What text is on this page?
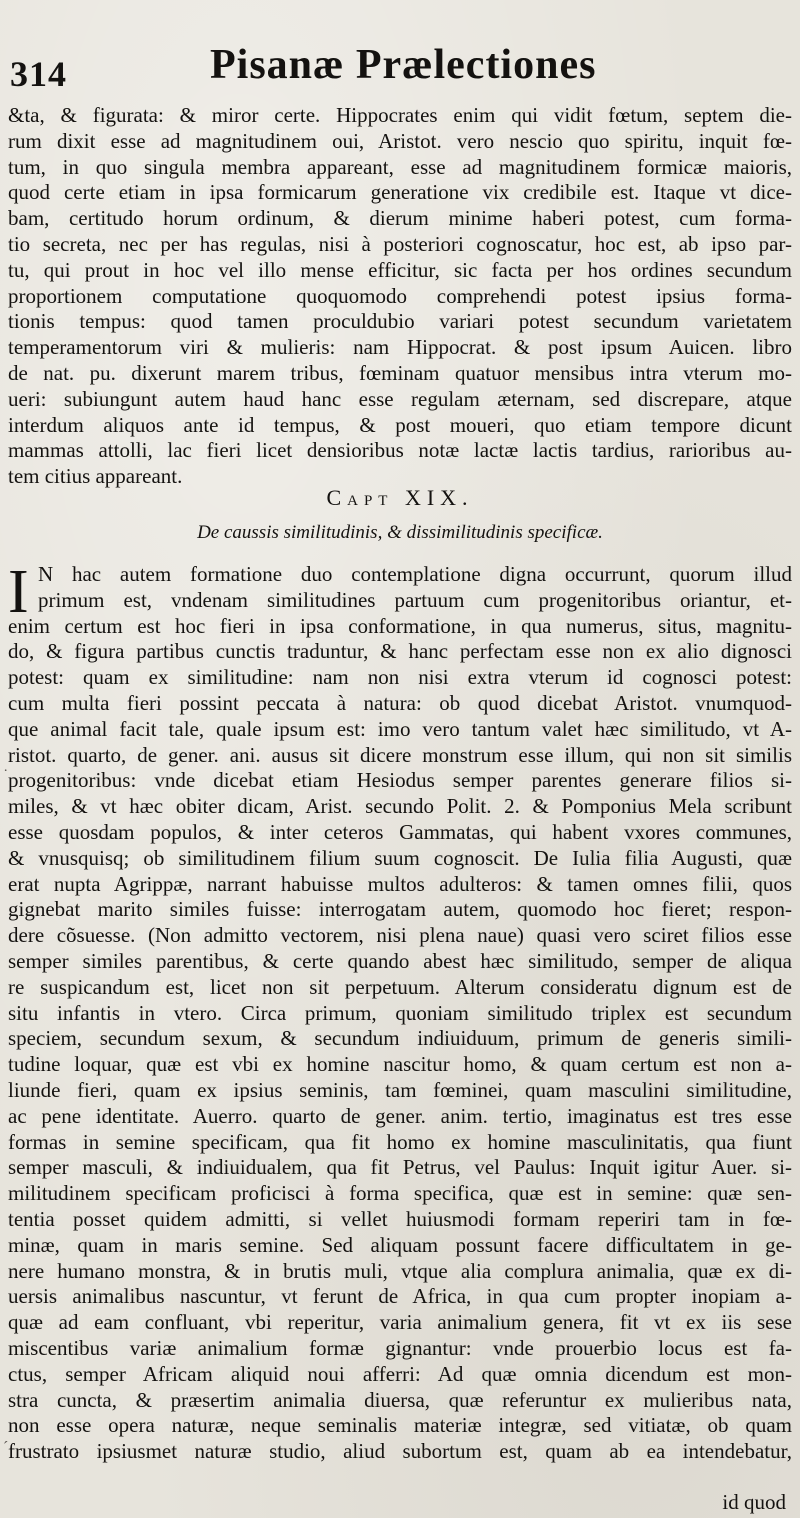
314	Pisanæ Prælectiones
&ta, & figurata: & miror certe. Hippocrates enim qui vidit fœtum, septem die-
rum dixit esse ad magnitudinem oui, Aristot. vero nescio quo spiritu, inquit fœ-
tum, in quo singula membra appareant, esse ad magnitudinem formicæ maioris,
quod certe etiam in ipsa formicarum generatione vix credibile est. Itaque vt dice-
bam, certitudo horum ordinum, & dierum minime haberi potest, cum forma-
tio secreta, nec per has regulas, nisi à posteriori cognoscatur, hoc est, ab ipso par-
tu, qui prout in hoc vel illo mense efficitur, sic facta per hos ordines secundum
proportionem computatione quoquomodo comprehendi potest ipsius forma-
tionis tempus: quod tamen proculdubio variari potest secundum varietatem
temperamentorum viri & mulieris: nam Hippocrat. & post ipsum Auicen. libro
de nat. pu. dixerunt marem tribus, fœminam quatuor mensibus intra vterum mo-
ueri: subiungunt autem haud hanc esse regulam æternam, sed discrepare, atque
interdum aliquos ante id tempus, & post moueri, quo etiam tempore dicunt
mammas attolli, lac fieri licet densioribus notæ lactæ lactis tardius, rarioribus au-
tem citius appareant.
Capt XIX.
De caussis similitudinis, & dissimilitudinis specificæ.
I N hac autem formatione duo contemplatione digna occurrunt, quorum illud
primum est, vndenam similitudines partuum cum progenitoribus oriantur, et-
enim certum est hoc fieri in ipsa conformatione, in qua numerus, situs, magnitu-
do, & figura partibus cunctis traduntur, & hanc perfectam esse non ex alio dignosci
potest: quam ex similitudine: nam non nisi extra vterum id cognosci potest:
cum multa fieri possint peccata à natura: ob quod dicebat Aristot. vnumquod-
que animal facit tale, quale ipsum est: imo vero tantum valet hæc similitudo, vt A-
ristot. quarto, de gener. ani. ausus sit dicere monstrum esse illum, qui non sit similis
progenitoribus: vnde dicebat etiam Hesiodus semper parentes generare filios si-
miles, & vt hæc obiter dicam, Arist. secundo Polit. 2. & Pomponius Mela scribunt
esse quosdam populos, & inter ceteros Gammatas, qui habent vxores communes,
& vnusquisq; ob similitudinem filium suum cognoscit. De Iulia filia Augusti, quæ
erat nupta Agrippæ, narrant habuisse multos adulteros: & tamen omnes filii, quos
gignebat marito similes fuisse: interrogatam autem, quomodo hoc fieret; respon-
dere cõsuesse. (Non admitto vectorem, nisi plena naue) quasi vero sciret filios esse
semper similes parentibus, & certe quando abest hæc similitudo, semper de aliqua
re suspicandum est, licet non sit perpetuum. Alterum consideratu dignum est de
situ infantis in vtero. Circa primum, quoniam similitudo triplex est secundum
speciem, secundum sexum, & secundum indiuiduum, primum de generis simili-
tudine loquar, quæ est vbi ex homine nascitur homo, & quam certum est non a-
liunde fieri, quam ex ipsius seminis, tam fœminei, quam masculini similitudine,
ac pene identitate. Auerro. quarto de gener. anim. tertio, imaginatus est tres esse
formas in semine specificam, qua fit homo ex homine masculinitatis, qua fiunt
semper masculi, & indiuidualem, qua fit Petrus, vel Paulus: Inquit igitur Auer. si-
militudinem specificam proficisci à forma specifica, quæ est in semine: quæ sen-
tentia posset quidem admitti, si vellet huiusmodi formam reperiri tam in fœ-
minæ, quam in maris semine. Sed aliquam possunt facere difficultatem in ge-
nere humano monstra, & in brutis muli, vtque alia complura animalia, quæ ex di-
uersis animalibus nascuntur, vt ferunt de Africa, in qua cum propter inopiam a-
quæ ad eam confluant, vbi reperitur, varia animalium genera, fit vt ex iis sese
miscentibus variæ animalium formæ gignantur: vnde prouerbio locus est fa-
ctus, semper Africam aliquid noui afferri: Ad quæ omnia dicendum est mon-
stra cuncta, & præsertim animalia diuersa, quæ referuntur ex mulieribus nata,
non esse opera naturæ, neque seminalis materiæ integræ, sed vitiatæ, ob quam
frustrato ipsiusmet naturæ studio, aliud subortum est, quam ab ea intendebatur,
id quod
˙
´
